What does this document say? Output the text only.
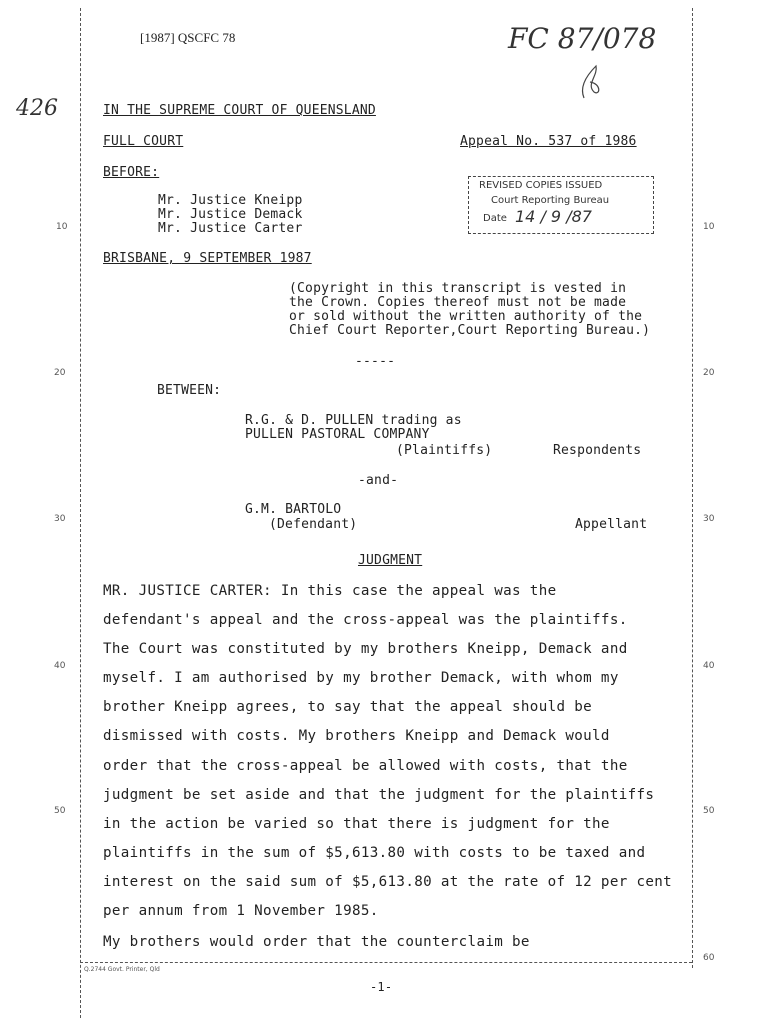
[1987] QSCFC 78	FC 87/078
426	IN THE SUPREME COURT OF QUEENSLAND
FULL COURT	Appeal No. 537 of 1986
BEFORE:
Mr. Justice Kneipp
Mr. Justice Demack
Mr. Justice Carter
BRISBANE, 9 SEPTEMBER 1987
REVISED COPIES ISSUED
Court Reporting Bureau
Date 14 / 9 /87
(Copyright in this transcript is vested in
the Crown. Copies thereof must not be made
or sold without the written authority of the
Chief Court Reporter,Court Reporting Bureau.)
-----
BETWEEN:
R.G. & D. PULLEN trading as
PULLEN PASTORAL COMPANY
(Plaintiffs)	Respondents
-and-
G.M. BARTOLO
(Defendant)	Appellant
JUDGMENT
MR. JUSTICE CARTER: In this case the appeal was the
defendant's appeal and the cross-appeal was the plaintiffs.
The Court was constituted by my brothers Kneipp, Demack and
myself. I am authorised by my brother Demack, with whom my
brother Kneipp agrees, to say that the appeal should be
dismissed with costs. My brothers Kneipp and Demack would
order that the cross-appeal be allowed with costs, that the
judgment be set aside and that the judgment for the plaintiffs
in the action be varied so that there is judgment for the
plaintiffs in the sum of $5,613.80 with costs to be taxed and
interest on the said sum of $5,613.80 at the rate of 12 per cent
per annum from 1 November 1985.
My brothers would order that the counterclaim be
Q.2744 Govt. Printer, Qld
-1-
10
20
30
40
50
10
20
30
40
50
60
